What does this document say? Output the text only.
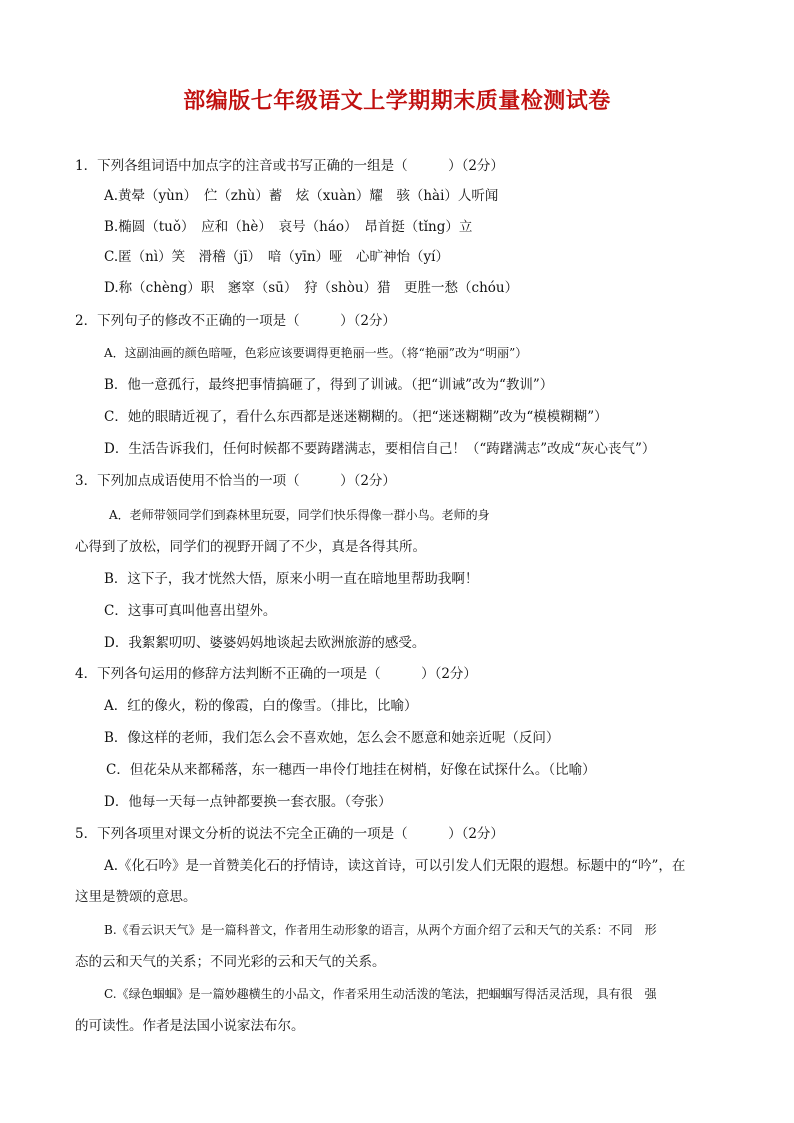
部编版七年级语文上学期期末质量检测试卷
1．下列各组词语中加点字的注音或书写正确的一组是（　　　）（2分）
A.黄晕（yùn）　伫（zhù）蓄　炫（xuàn）耀　骇（hài）人听闻
B.椭圆（tuǒ）　应和（hè）　哀号（háo）　昂首挺（tǐng）立
C.匿（nì）笑　滑稽（jī）　喑（yīn）哑　心旷神怡（yí）
D.称（chèng）职　窸窣（sū）　狩（shòu）猎　更胜一愁（chóu）
2．下列句子的修改不正确的一项是（　　　）（2分）
A．这副油画的颜色暗哑，色彩应该要调得更艳丽一些。（将“艳丽”改为“明丽”）
B．他一意孤行，最终把事情搞砸了，得到了训诫。（把“训诫”改为“教训”）
C．她的眼睛近视了，看什么东西都是迷迷糊糊的。（把“迷迷糊糊”改为“模模糊糊”）
D．生活告诉我们，任何时候都不要踌躇满志，要相信自己！（“踌躇满志”改成“灰心丧气”）
3．下列加点成语使用不恰当的一项（　　　）（2分）
A．老师带领同学们到森林里玩耍，同学们快乐得像一群小鸟。老师的身
心得到了放松，同学们的视野开阔了不少，真是各得其所。
B．这下子，我才恍然大悟，原来小明一直在暗地里帮助我啊！
C．这事可真叫他喜出望外。
D．我絮絮叨叨、婆婆妈妈地谈起去欧洲旅游的感受。
4．下列各句运用的修辞方法判断不正确的一项是（　　　）（2分）
A．红的像火，粉的像霞，白的像雪。（排比，比喻）
B．像这样的老师，我们怎么会不喜欢她，怎么会不愿意和她亲近呢（反问）
C．但花朵从来都稀落，东一穗西一串伶仃地挂在树梢，好像在试探什么。（比喻）
D．他每一天每一点钟都要换一套衣服。（夸张）
5．下列各项里对课文分析的说法不完全正确的一项是（　　　）（2分）
A.《化石吟》是一首赞美化石的抒情诗，读这首诗，可以引发人们无限的遐想。标题中的“吟”，在
这里是赞颂的意思。
B.《看云识天气》是一篇科普文，作者用生动形象的语言，从两个方面介绍了云和天气的关系：不同　形
态的云和天气的关系；不同光彩的云和天气的关系。
C.《绿色蝈蝈》是一篇妙趣横生的小品文，作者采用生动活泼的笔法，把蝈蝈写得活灵活现，具有很　强
的可读性。作者是法国小说家法布尔。
